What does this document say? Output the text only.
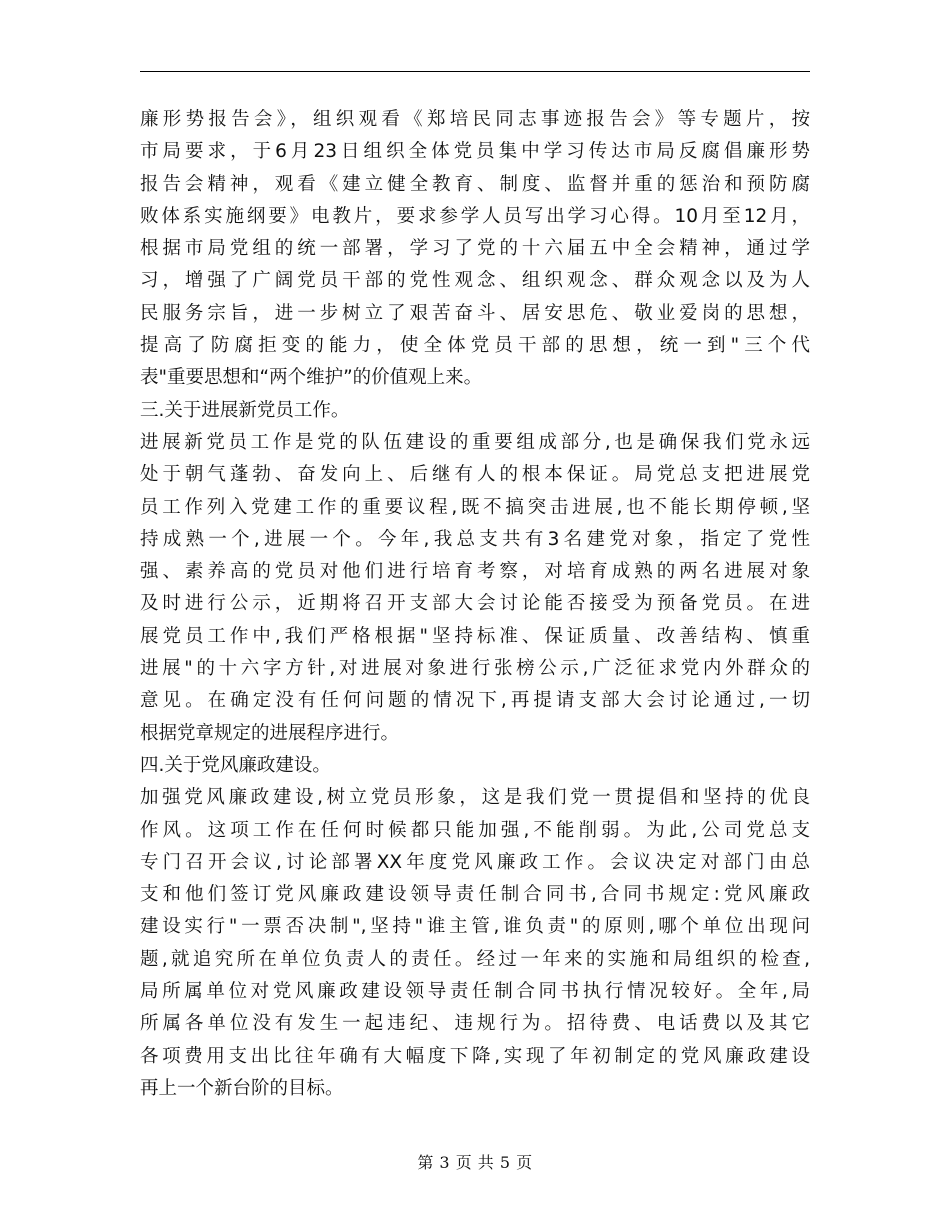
廉形势报告会》，组织观看《郑培民同志事迹报告会》等专题片，按
市局要求，于6月23日组织全体党员集中学习传达市局反腐倡廉形势
报告会精神，观看《建立健全教育、制度、监督并重的惩治和预防腐
败体系实施纲要》电教片，要求参学人员写出学习心得。10月至12月，
根据市局党组的统一部署，学习了党的十六届五中全会精神，通过学
习，增强了广阔党员干部的党性观念、组织观念、群众观念以及为人
民服务宗旨，进一步树立了艰苦奋斗、居安思危、敬业爱岗的思想，
提高了防腐拒变的能力，使全体党员干部的思想，统一到"三个代
表"重要思想和“两个维护”的价值观上来。
三.关于进展新党员工作。
进展新党员工作是党的队伍建设的重要组成部分,也是确保我们党永远
处于朝气蓬勃、奋发向上、后继有人的根本保证。局党总支把进展党
员工作列入党建工作的重要议程,既不搞突击进展,也不能长期停顿,坚
持成熟一个,进展一个。今年,我总支共有3名建党对象，指定了党性
强、素养高的党员对他们进行培育考察，对培育成熟的两名进展对象
及时进行公示，近期将召开支部大会讨论能否接受为预备党员。在进
展党员工作中,我们严格根据"坚持标准、保证质量、改善结构、慎重
进展"的十六字方针,对进展对象进行张榜公示,广泛征求党内外群众的
意见。在确定没有任何问题的情况下,再提请支部大会讨论通过,一切
根据党章规定的进展程序进行。
四.关于党风廉政建设。
加强党风廉政建设,树立党员形象，这是我们党一贯提倡和坚持的优良
作风。这项工作在任何时候都只能加强,不能削弱。为此,公司党总支
专门召开会议,讨论部署XX年度党风廉政工作。会议决定对部门由总
支和他们签订党风廉政建设领导责任制合同书,合同书规定:党风廉政
建设实行"一票否决制",坚持"谁主管,谁负责"的原则,哪个单位出现问
题,就追究所在单位负责人的责任。经过一年来的实施和局组织的检查,
局所属单位对党风廉政建设领导责任制合同书执行情况较好。全年,局
所属各单位没有发生一起违纪、违规行为。招待费、电话费以及其它
各项费用支出比往年确有大幅度下降,实现了年初制定的党风廉政建设
再上一个新台阶的目标。
第 3 页 共 5 页
